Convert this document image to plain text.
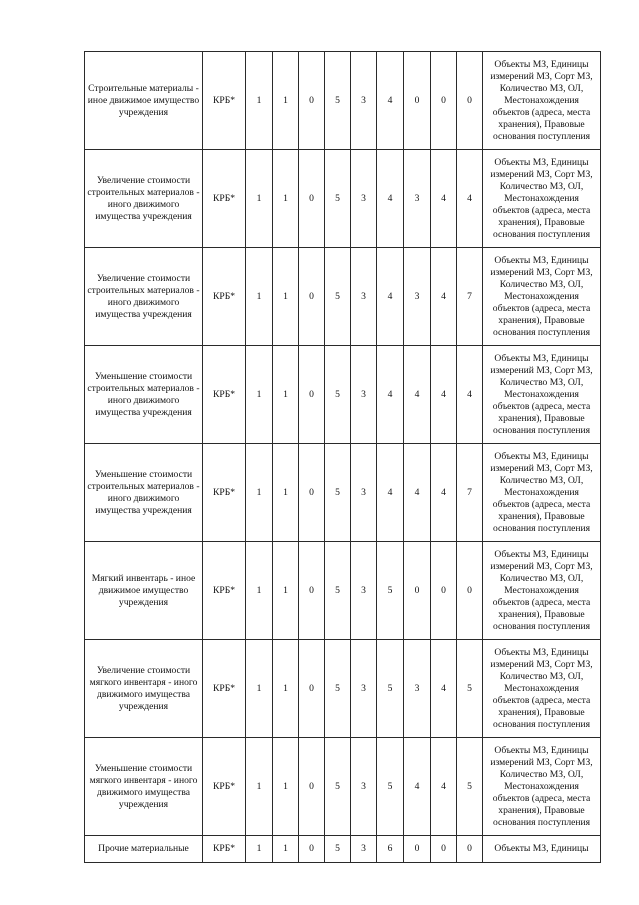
Строительные материалы - иное движимое имущество учреждения	КРБ*	1	1	0	5	3	4	0	0	0	Объекты МЗ, Единицы измерений МЗ, Сорт МЗ, Количество МЗ, ОЛ, Местонахождения объектов (адреса, места хранения), Правовые основания поступления
Увеличение стоимости строительных материалов - иного движимого имущества учреждения	КРБ*	1	1	0	5	3	4	3	4	4	Объекты МЗ, Единицы измерений МЗ, Сорт МЗ, Количество МЗ, ОЛ, Местонахождения объектов (адреса, места хранения), Правовые основания поступления
Увеличение стоимости строительных материалов - иного движимого имущества учреждения	КРБ*	1	1	0	5	3	4	3	4	7	Объекты МЗ, Единицы измерений МЗ, Сорт МЗ, Количество МЗ, ОЛ, Местонахождения объектов (адреса, места хранения), Правовые основания поступления
Уменьшение стоимости строительных материалов - иного движимого имущества учреждения	КРБ*	1	1	0	5	3	4	4	4	4	Объекты МЗ, Единицы измерений МЗ, Сорт МЗ, Количество МЗ, ОЛ, Местонахождения объектов (адреса, места хранения), Правовые основания поступления
Уменьшение стоимости строительных материалов - иного движимого имущества учреждения	КРБ*	1	1	0	5	3	4	4	4	7	Объекты МЗ, Единицы измерений МЗ, Сорт МЗ, Количество МЗ, ОЛ, Местонахождения объектов (адреса, места хранения), Правовые основания поступления
Мягкий инвентарь - иное движимое имущество учреждения	КРБ*	1	1	0	5	3	5	0	0	0	Объекты МЗ, Единицы измерений МЗ, Сорт МЗ, Количество МЗ, ОЛ, Местонахождения объектов (адреса, места хранения), Правовые основания поступления
Увеличение стоимости мягкого инвентаря - иного движимого имущества учреждения	КРБ*	1	1	0	5	3	5	3	4	5	Объекты МЗ, Единицы измерений МЗ, Сорт МЗ, Количество МЗ, ОЛ, Местонахождения объектов (адреса, места хранения), Правовые основания поступления
Уменьшение стоимости мягкого инвентаря - иного движимого имущества учреждения	КРБ*	1	1	0	5	3	5	4	4	5	Объекты МЗ, Единицы измерений МЗ, Сорт МЗ, Количество МЗ, ОЛ, Местонахождения объектов (адреса, места хранения), Правовые основания поступления
Прочие материальные	КРБ*	1	1	0	5	3	6	0	0	0	Объекты МЗ, Единицы
